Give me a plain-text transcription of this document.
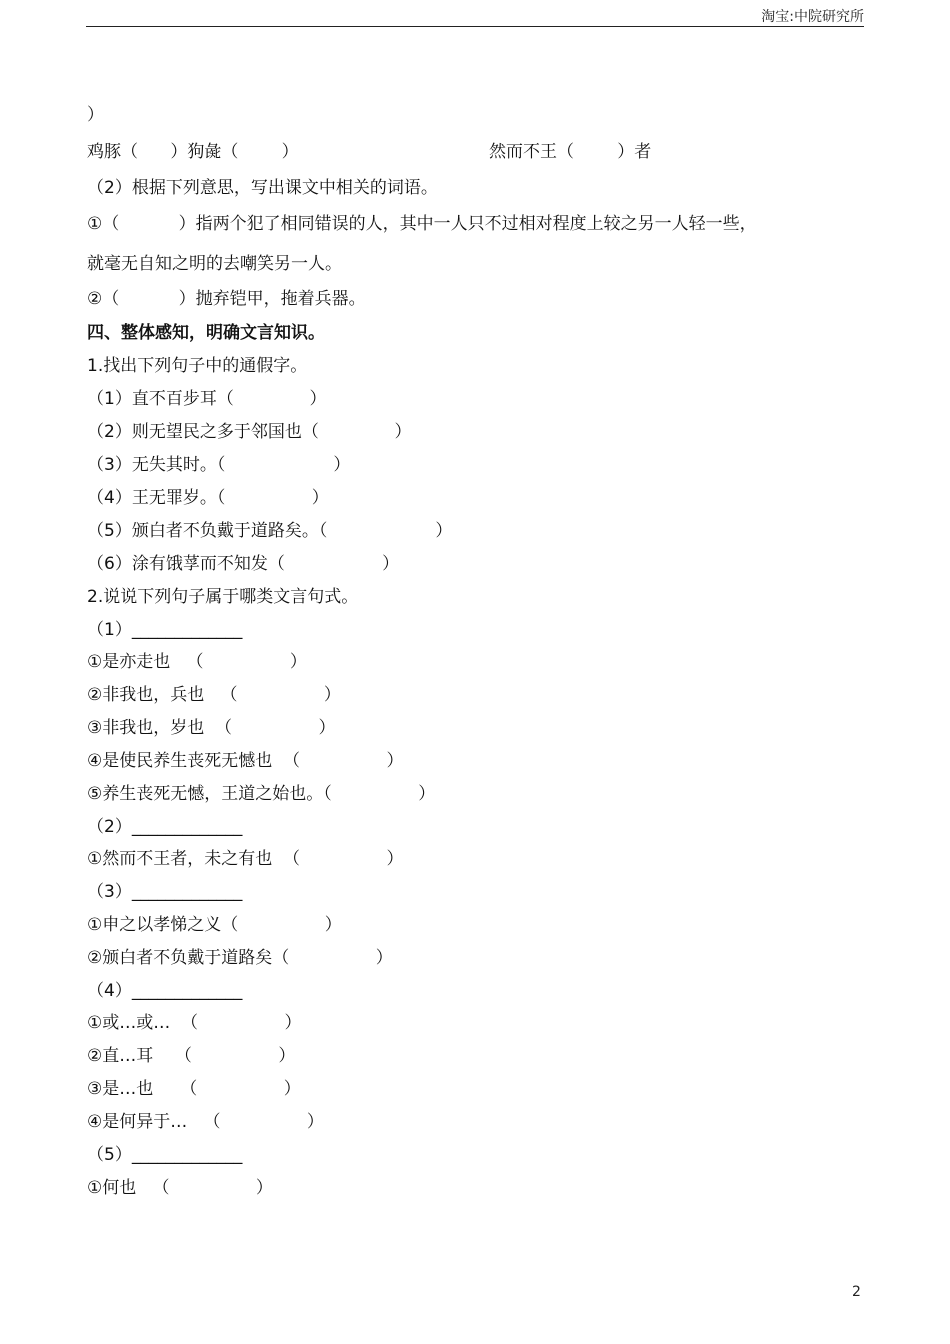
淘宝:中院研究所
）
鸡豚（      ）狗彘（        ）
（2）根据下列意思，写出课文中相关的词语。
①（           ）指两个犯了相同错误的人，其中一人只不过相对程度上较之另一人轻一些，
就毫无自知之明的去嘲笑另一人。
②（           ）抛弃铠甲，拖着兵器。
四、整体感知，明确文言知识。
1.找出下列句子中的通假字。
（1）直不百步耳（              ）
（2）则无望民之多于邻国也（              ）
（3）无失其时。（                    ）
（4）王无罪岁。（                ）
（5）颁白者不负戴于道路矣。（                    ）
（6）涂有饿莩而不知发（                  ）
2.说说下列句子属于哪类文言句式。
（1）_____________
①是亦走也   （                ）
②非我也，兵也   （                ）
③非我也，岁也  （                ）
④是使民养生丧死无憾也  （                ）
⑤养生丧死无憾，王道之始也。（                ）
（2）_____________
①然而不王者，未之有也  （                ）
（3）_____________
①申之以孝悌之义（                ）
②颁白者不负戴于道路矣（                ）
（4）_____________
①或…或…  （                ）
②直…耳    （                ）
③是…也     （                ）
④是何异于…   （                ）
（5）_____________
①何也   （                ）
然而不王（        ）者
2
